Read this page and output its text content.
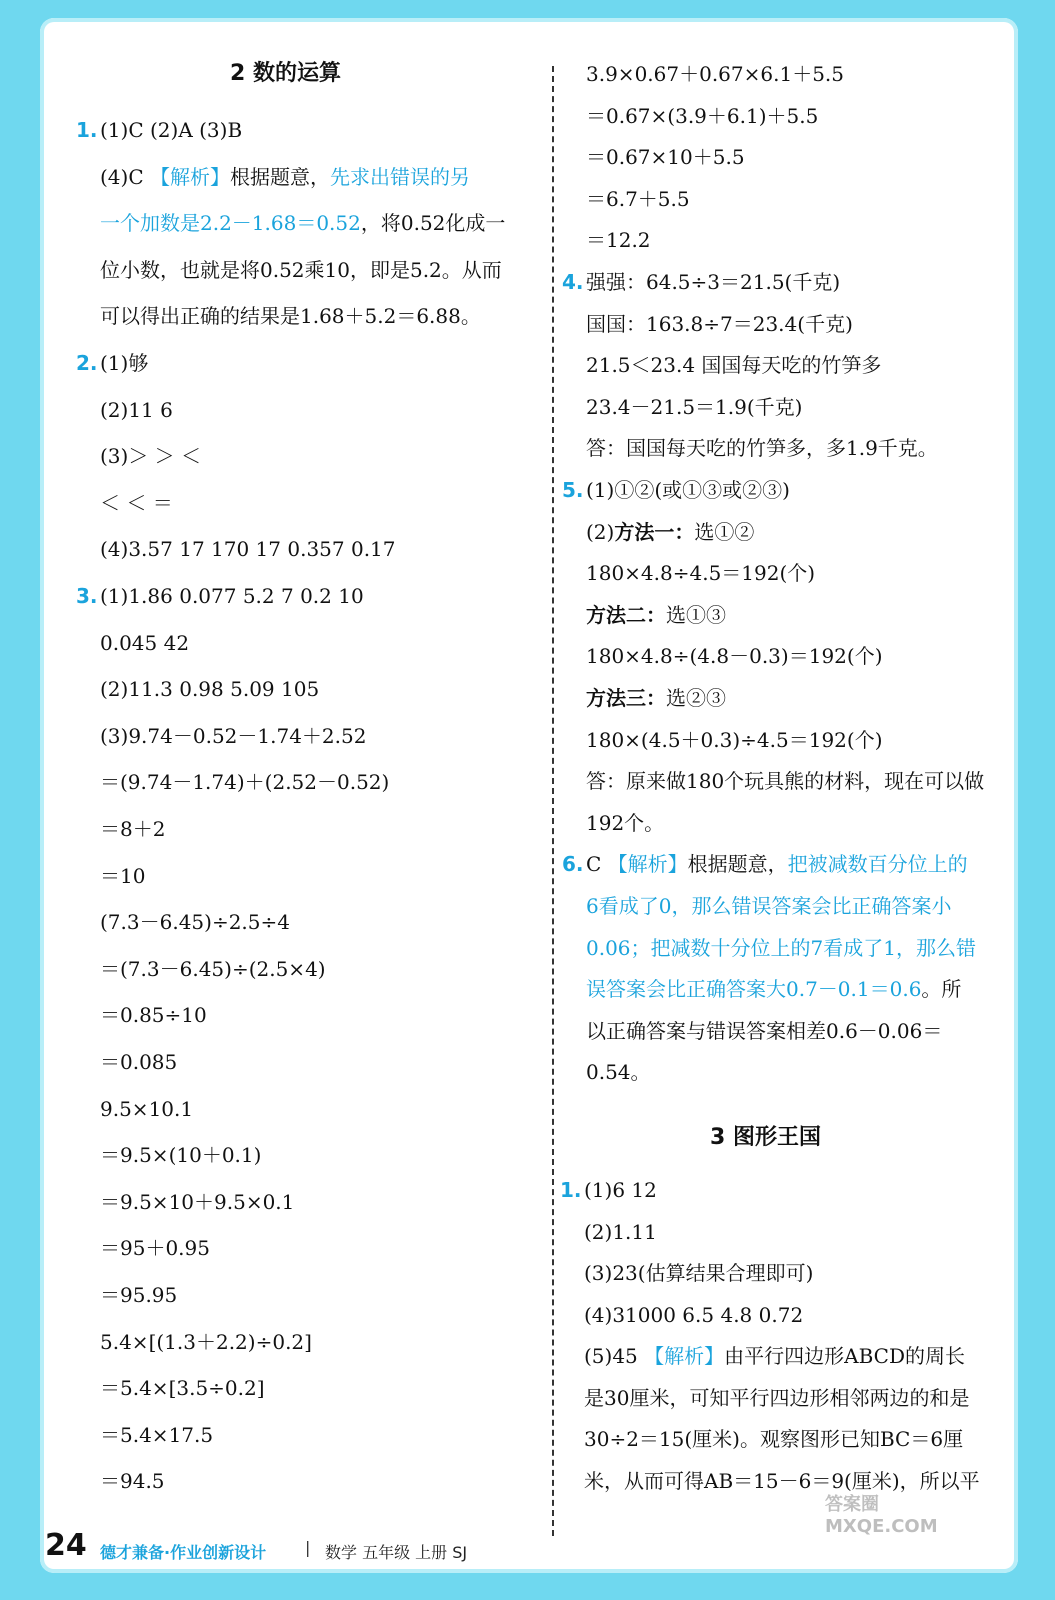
2 数的运算
1. (1)C (2)A (3)B
(4)C 【解析】根据题意，先求出错误的另
一个加数是2.2－1.68＝0.52，将0.52化成一
位小数，也就是将0.52乘10，即是5.2。从而
可以得出正确的结果是1.68＋5.2＝6.88。
2. (1)够
(2)11 6
(3)＞ ＞ ＜
＜ ＜ ＝
(4)3.57 17 170 17 0.357 0.17
3. (1)1.86 0.077 5.2 7 0.2 10
0.045 42
(2)11.3 0.98 5.09 105
(3)9.74－0.52－1.74＋2.52
＝(9.74－1.74)＋(2.52－0.52)
＝8＋2
＝10
(7.3－6.45)÷2.5÷4
＝(7.3－6.45)÷(2.5×4)
＝0.85÷10
＝0.085
9.5×10.1
＝9.5×(10＋0.1)
＝9.5×10＋9.5×0.1
＝95＋0.95
＝95.95
5.4×[(1.3＋2.2)÷0.2]
＝5.4×[3.5÷0.2]
＝5.4×17.5
＝94.5
3.9×0.67＋0.67×6.1＋5.5
＝0.67×(3.9＋6.1)＋5.5
＝0.67×10＋5.5
＝6.7＋5.5
＝12.2
4. 强强：64.5÷3＝21.5(千克)
国国：163.8÷7＝23.4(千克)
21.5＜23.4 国国每天吃的竹笋多
23.4－21.5＝1.9(千克)
答：国国每天吃的竹笋多，多1.9千克。
5. (1)①②(或①③或②③)
(2)方法一：选①②
180×4.8÷4.5＝192(个)
方法二：选①③
180×4.8÷(4.8－0.3)＝192(个)
方法三：选②③
180×(4.5＋0.3)÷4.5＝192(个)
答：原来做180个玩具熊的材料，现在可以做
192个。
6. C 【解析】根据题意，把被减数百分位上的
6看成了0，那么错误答案会比正确答案小
0.06；把减数十分位上的7看成了1，那么错
误答案会比正确答案大0.7－0.1＝0.6。所
以正确答案与错误答案相差0.6－0.06＝
0.54。
3 图形王国
1. (1)6 12
(2)1.11
(3)23(估算结果合理即可)
(4)31000 6.5 4.8 0.72
(5)45 【解析】由平行四边形ABCD的周长
是30厘米，可知平行四边形相邻两边的和是
30÷2＝15(厘米)。观察图形已知BC＝6厘
米，从而可得AB＝15－6＝9(厘米)，所以平
24 德才兼备·作业创新设计 | 数学 五年级 上册 SJ
答案圈 MXQE.COM
